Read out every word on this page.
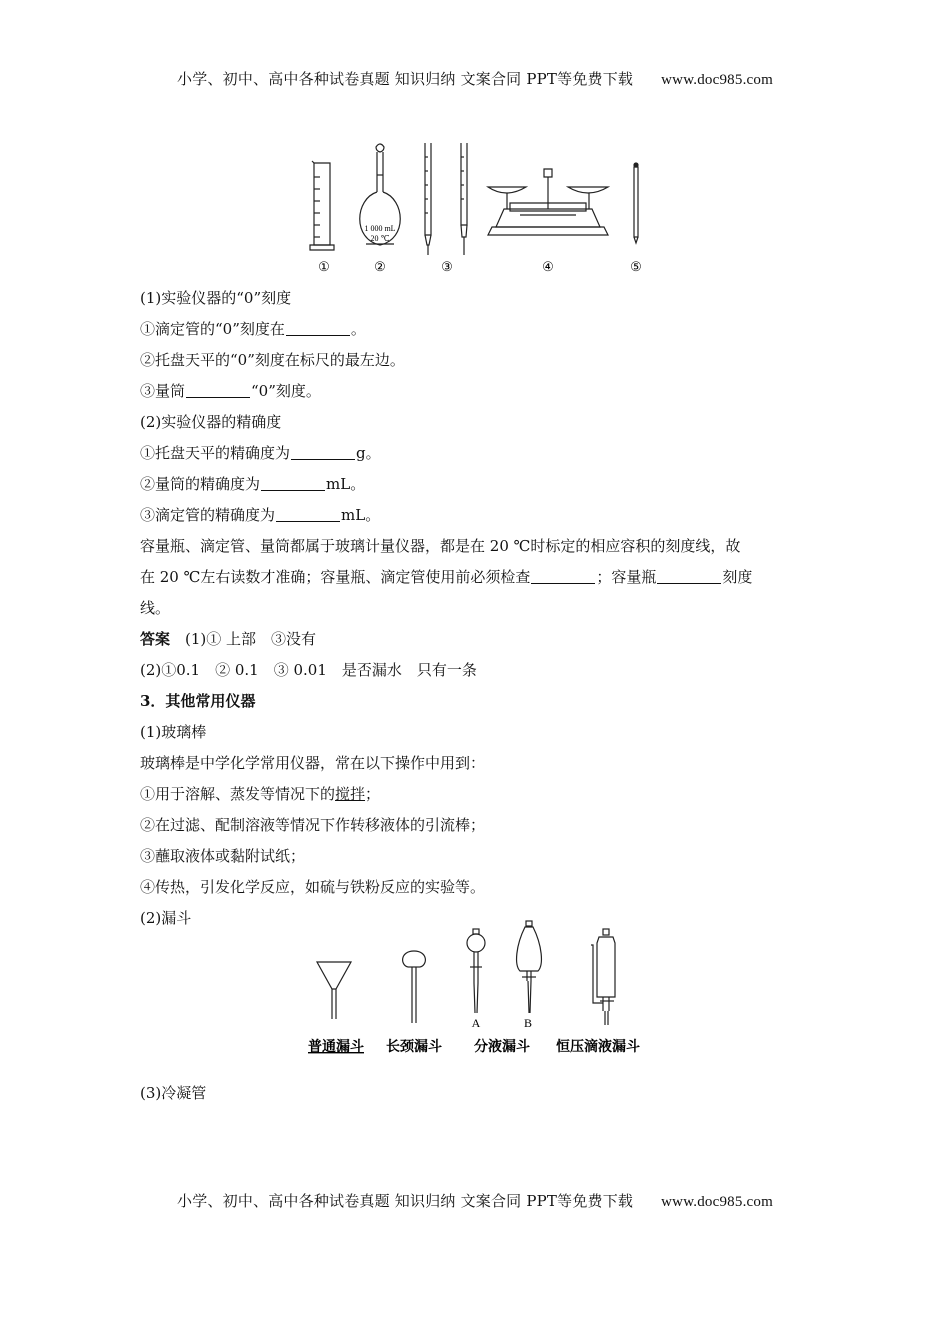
小学、初中、高中各种试卷真题 知识归纳 文案合同 PPT等免费下载 www.doc985.com
1 000 mL
20 ℃
①	②	③	④	⑤
(1)实验仪器的“0”刻度
①滴定管的“0”刻度在	。
②托盘天平的“0”刻度在标尺的最左边。
③量筒	“0”刻度。
(2)实验仪器的精确度
①托盘天平的精确度为	g。
②量筒的精确度为	mL。
③滴定管的精确度为	mL。
容量瓶、滴定管、量筒都属于玻璃计量仪器，都是在 20 ℃时标定的相应容积的刻度线，故
在 20 ℃左右读数才准确；容量瓶、滴定管使用前必须检查	；容量瓶	刻度
线。
答案　 (1)① 上部　③没有
(2)①0.1　② 0.1　③ 0.01　是否漏水　只有一条
3．其他常用仪器
(1)玻璃棒
玻璃棒是中学化学常用仪器，常在以下操作中用到：
①用于溶解、蒸发等情况下的搅拌；
②在过滤、配制溶液等情况下作转移液体的引流棒；
③蘸取液体或黏附试纸；
④传热，引发化学反应，如硫与铁粉反应的实验等。
(2)漏斗
(3)冷凝管
A	B
普通漏斗 长颈漏斗 分液漏斗 恒压滴液漏斗
小学、初中、高中各种试卷真题 知识归纳 文案合同 PPT等免费下载 www.doc985.com
